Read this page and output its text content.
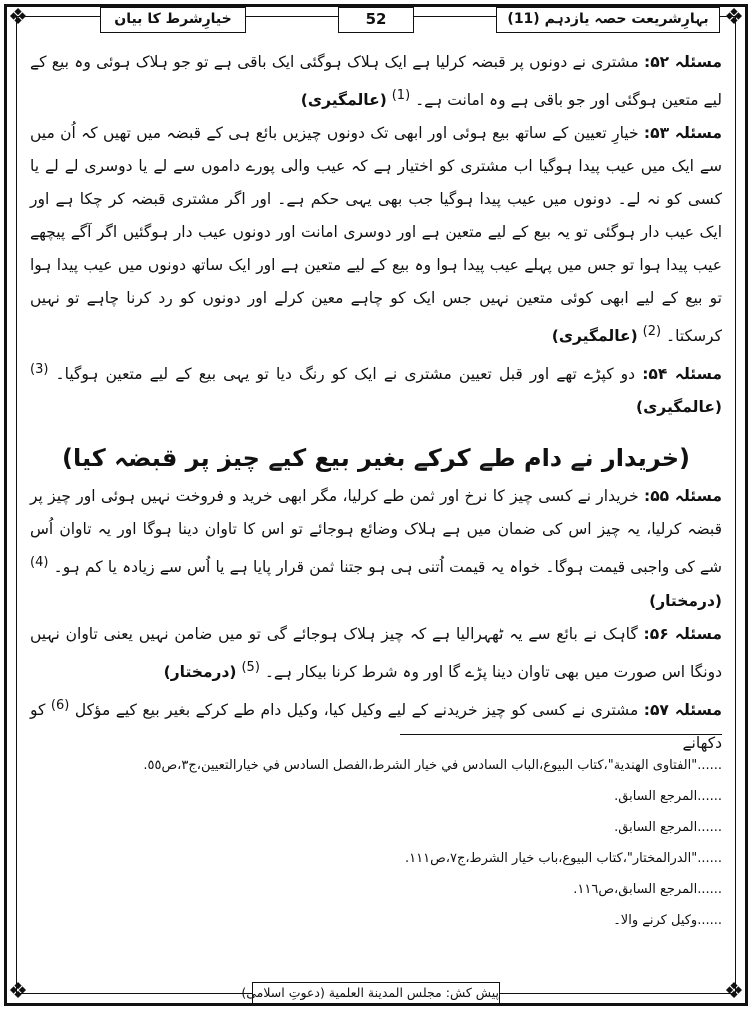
❖	❖
❖	❖
بہارِشریعت حصہ یازدہم (11)
52
خیارِشرط کا بیان

مسئلہ ۵۲: مشتری نے دونوں پر قبضہ کرلیا ہے ایک ہلاک ہوگئی ایک باقی ہے تو جو ہلاک ہوئی وہ بیع کے لیے متعین ہوگئی اور جو باقی ہے وہ امانت ہے۔ $^{(1)}$ (عالمگیری)

مسئلہ ۵۳: خیارِ تعیین کے ساتھ بیع ہوئی اور ابھی تک دونوں چیزیں بائع ہی کے قبضہ میں تھیں کہ اُن میں سے ایک میں عیب پیدا ہوگیا اب مشتری کو اختیار ہے کہ عیب والی پورے داموں سے لے یا دوسری لے لے یا کسی کو نہ لے۔ دونوں میں عیب پیدا ہوگیا جب بھی یہی حکم ہے۔ اور اگر مشتری قبضہ کر چکا ہے اور ایک عیب دار ہوگئی تو یہ بیع کے لیے متعین ہے اور دوسری امانت اور دونوں عیب دار ہوگئیں اگر آگے پیچھے عیب پیدا ہوا تو جس میں پہلے عیب پیدا ہوا وہ بیع کے لیے متعین ہے اور ایک ساتھ دونوں میں عیب پیدا ہوا تو بیع کے لیے ابھی کوئی متعین نہیں جس ایک کو چاہے معین کرلے اور دونوں کو رد کرنا چاہے تو نہیں کرسکتا۔ $^{(2)}$ (عالمگیری)

مسئلہ ۵۴: دو کپڑے تھے اور قبل تعیین مشتری نے ایک کو رنگ دیا تو یہی بیع کے لیے متعین ہوگیا۔ $^{(3)}$ (عالمگیری)

(خریدار نے دام طے کرکے بغیر بیع کیے چیز پر قبضہ کیا)

مسئلہ ۵۵: خریدار نے کسی چیز کا نرخ اور ثمن طے کرلیا، مگر ابھی خرید و فروخت نہیں ہوئی اور چیز پر قبضہ کرلیا، یہ چیز اس کی ضمان میں ہے ہلاک وضائع ہوجائے تو اس کا تاوان دینا ہوگا اور یہ تاوان اُس شے کی واجبی قیمت ہوگا۔ خواہ یہ قیمت اُتنی ہی ہو جتنا ثمن قرار پایا ہے یا اُس سے زیادہ یا کم ہو۔ $^{(4)}$ (درمختار)

مسئلہ ۵۶: گاہک نے بائع سے یہ ٹھہرالیا ہے کہ چیز ہلاک ہوجائے گی تو میں ضامن نہیں یعنی تاوان نہیں دونگا اس صورت میں بھی تاوان دینا پڑے گا اور وہ شرط کرنا بیکار ہے۔ $^{(5)}$ (درمختار)

مسئلہ ۵۷: مشتری نے کسی کو چیز خریدنے کے لیے وکیل کیا، وکیل دام طے کرکے بغیر بیع کیے مؤکل $^{(6)}$ کو دکھانے

......"الفتاوی الهندية"،كتاب البيوع،الباب السادس في خيار الشرط،الفصل السادس في خيارالتعيين،ج٣،ص٥٥.

......المرجع السابق.

......المرجع السابق.

......"الدرالمختار"،كتاب البيوع،باب خيار الشرط،ج٧،ص١١١.

......المرجع السابق،ص١١٦.

......وکیل کرنے والا۔

پیش کش: مجلس المدينة العلمية (دعوتِ اسلامی)
